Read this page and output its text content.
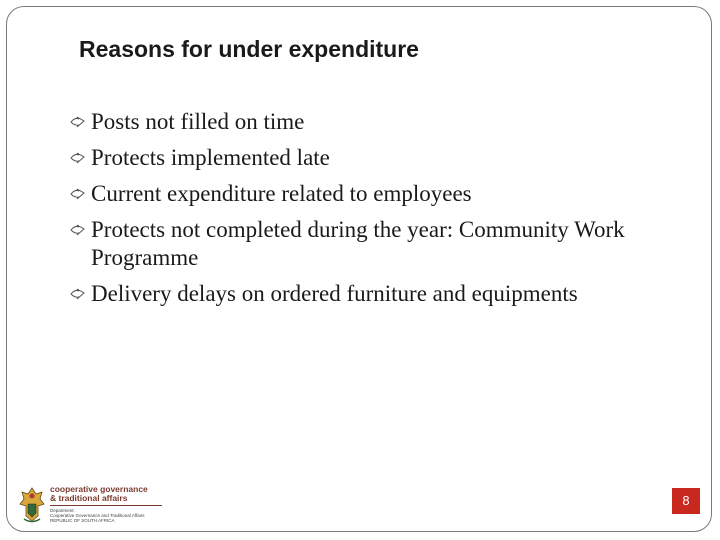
Reasons for under expenditure
Posts not filled on time
Protects implemented late
Current expenditure related to employees
Protects not completed during the year: Community Work Programme
Delivery delays on ordered furniture and equipments
cooperative governance
& traditional affairs
Department:
Cooperative Governance and Traditional Affairs
REPUBLIC OF SOUTH AFRICA
8
